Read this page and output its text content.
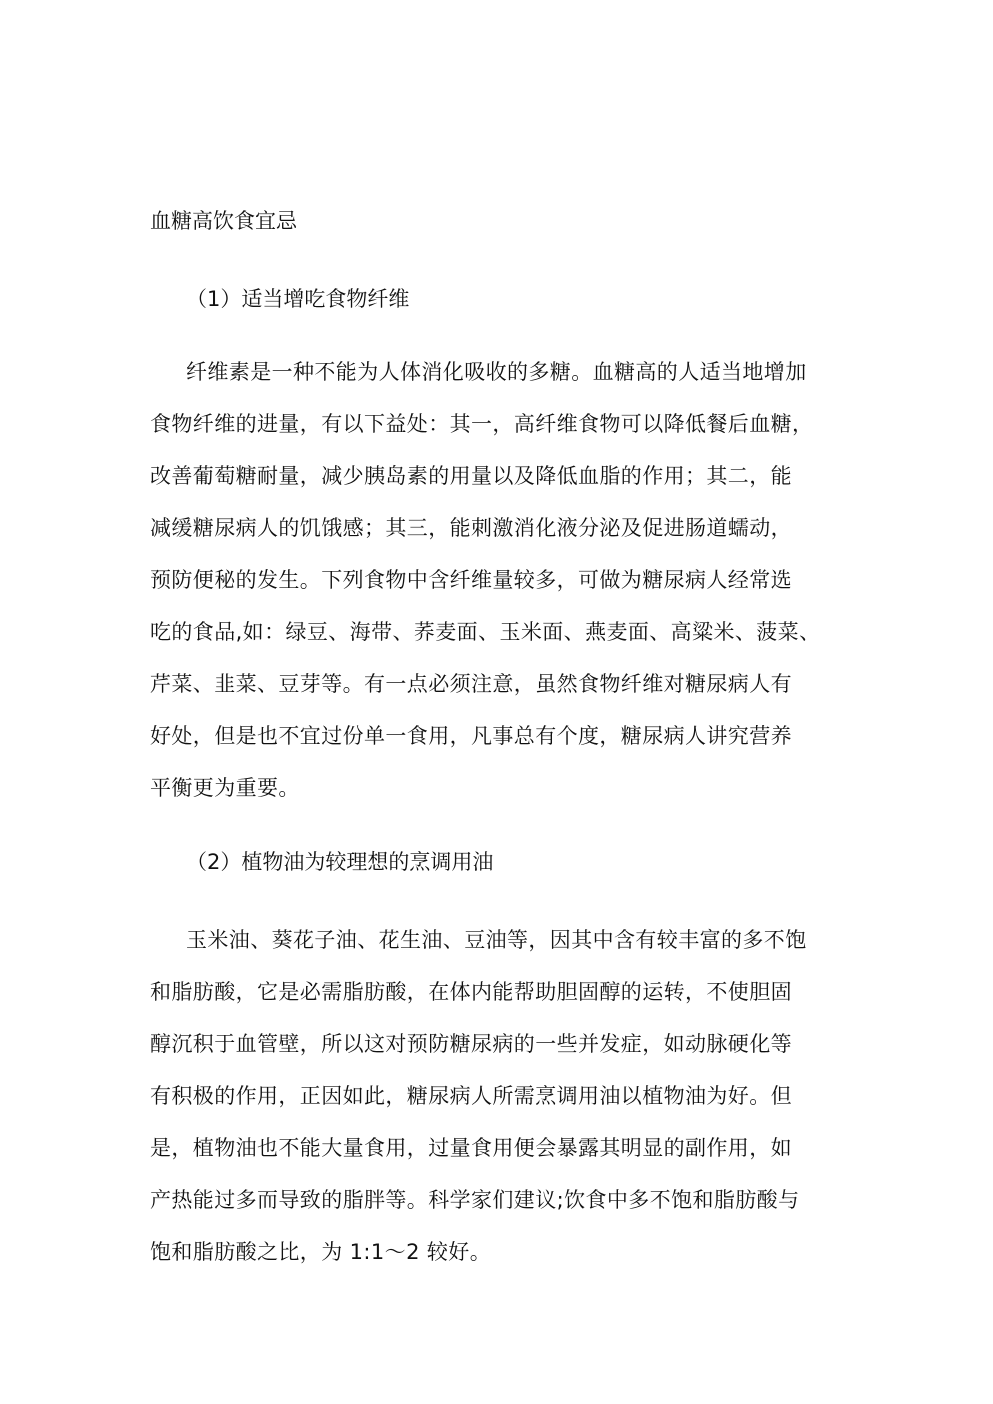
血糖高饮食宜忌
（1）适当增吃食物纤维
纤维素是一种不能为人体消化吸收的多糖。血糖高的人适当地增加
食物纤维的进量，有以下益处：其一，高纤维食物可以降低餐后血糖，
改善葡萄糖耐量，减少胰岛素的用量以及降低血脂的作用；其二，能
减缓糖尿病人的饥饿感；其三，能刺激消化液分泌及促进肠道蠕动，
预防便秘的发生。下列食物中含纤维量较多，可做为糖尿病人经常选
吃的食品,如：绿豆、海带、荞麦面、玉米面、燕麦面、高粱米、菠菜、
芹菜、韭菜、豆芽等。有一点必须注意，虽然食物纤维对糖尿病人有
好处，但是也不宜过份单一食用，凡事总有个度，糖尿病人讲究营养
平衡更为重要。
（2）植物油为较理想的烹调用油
玉米油、葵花子油、花生油、豆油等，因其中含有较丰富的多不饱
和脂肪酸，它是必需脂肪酸，在体内能帮助胆固醇的运转，不使胆固
醇沉积于血管壁，所以这对预防糖尿病的一些并发症，如动脉硬化等
有积极的作用，正因如此，糖尿病人所需烹调用油以植物油为好。但
是，植物油也不能大量食用，过量食用便会暴露其明显的副作用，如
产热能过多而导致的脂胖等。科学家们建议;饮食中多不饱和脂肪酸与
饱和脂肪酸之比，为 1:1～2 较好。
